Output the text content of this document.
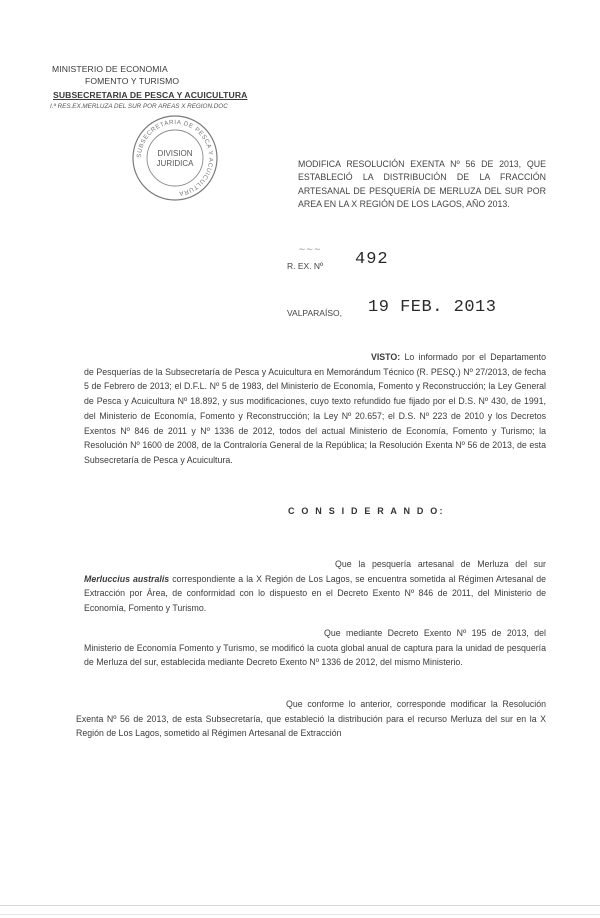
MINISTERIO DE ECONOMIA
FOMENTO Y TURISMO
SUBSECRETARIA DE PESCA Y ACUICULTURA
I.ª RES.EX.MERLUZA DEL SUR POR AREAS X REGION.DOC
SUBSECRETARIA DE PESCA Y ACUICULTURA
DIVISION
JURIDICA	MODIFICA RESOLUCIÓN EXENTA Nº 56 DE 2013, QUE ESTABLECIÓ LA DISTRIBUCIÓN DE LA FRACCIÓN ARTESANAL DE PESQUERÍA DE MERLUZA DEL SUR POR AREA EN LA X REGIÓN DE LOS LAGOS, AÑO 2013.
⁓ ⁓ ⁓
R. EX. Nº 492
VALPARAÍSO, 19 FEB. 2013
VISTO: Lo informado por el Departamento de Pesquerías de la Subsecretaría de Pesca y Acuicultura en Memorándum Técnico (R. PESQ.) Nº 27/2013, de fecha 5 de Febrero de 2013; el D.F.L. Nº 5 de 1983, del Ministerio de Economía, Fomento y Reconstrucción; la Ley General de Pesca y Acuicultura Nº 18.892, y sus modificaciones, cuyo texto refundido fue fijado por el D.S. Nº 430, de 1991, del Ministerio de Economía, Fomento y Reconstrucción; la Ley Nº 20.657; el D.S. Nº 223 de 2010 y los Decretos Exentos Nº 846 de 2011 y Nº 1336 de 2012, todos del actual Ministerio de Economía, Fomento y Turismo; la Resolución Nº 1600 de 2008, de la Contraloría General de la República; la Resolución Exenta Nº 56 de 2013, de esta Subsecretaría de Pesca y Acuicultura.
C O N S I D E R A N D O:
Que la pesquería artesanal de Merluza del sur Merluccius australis correspondiente a la X Región de Los Lagos, se encuentra sometida al Régimen Artesanal de Extracción por Área, de conformidad con lo dispuesto en el Decreto Exento Nº 846 de 2011, del Ministerio de Economía, Fomento y Turismo.
Que mediante Decreto Exento Nº 195 de 2013, del Ministerio de Economía Fomento y Turismo, se modificó la cuota global anual de captura para la unidad de pesquería de Merluza del sur, establecida mediante Decreto Exento Nº 1336 de 2012, del mismo Ministerio.
Que conforme lo anterior, corresponde modificar la Resolución Exenta Nº 56 de 2013, de esta Subsecretaría, que estableció la distribución para el recurso Merluza del sur en la X Región de Los Lagos, sometido al Régimen Artesanal de Extracción
